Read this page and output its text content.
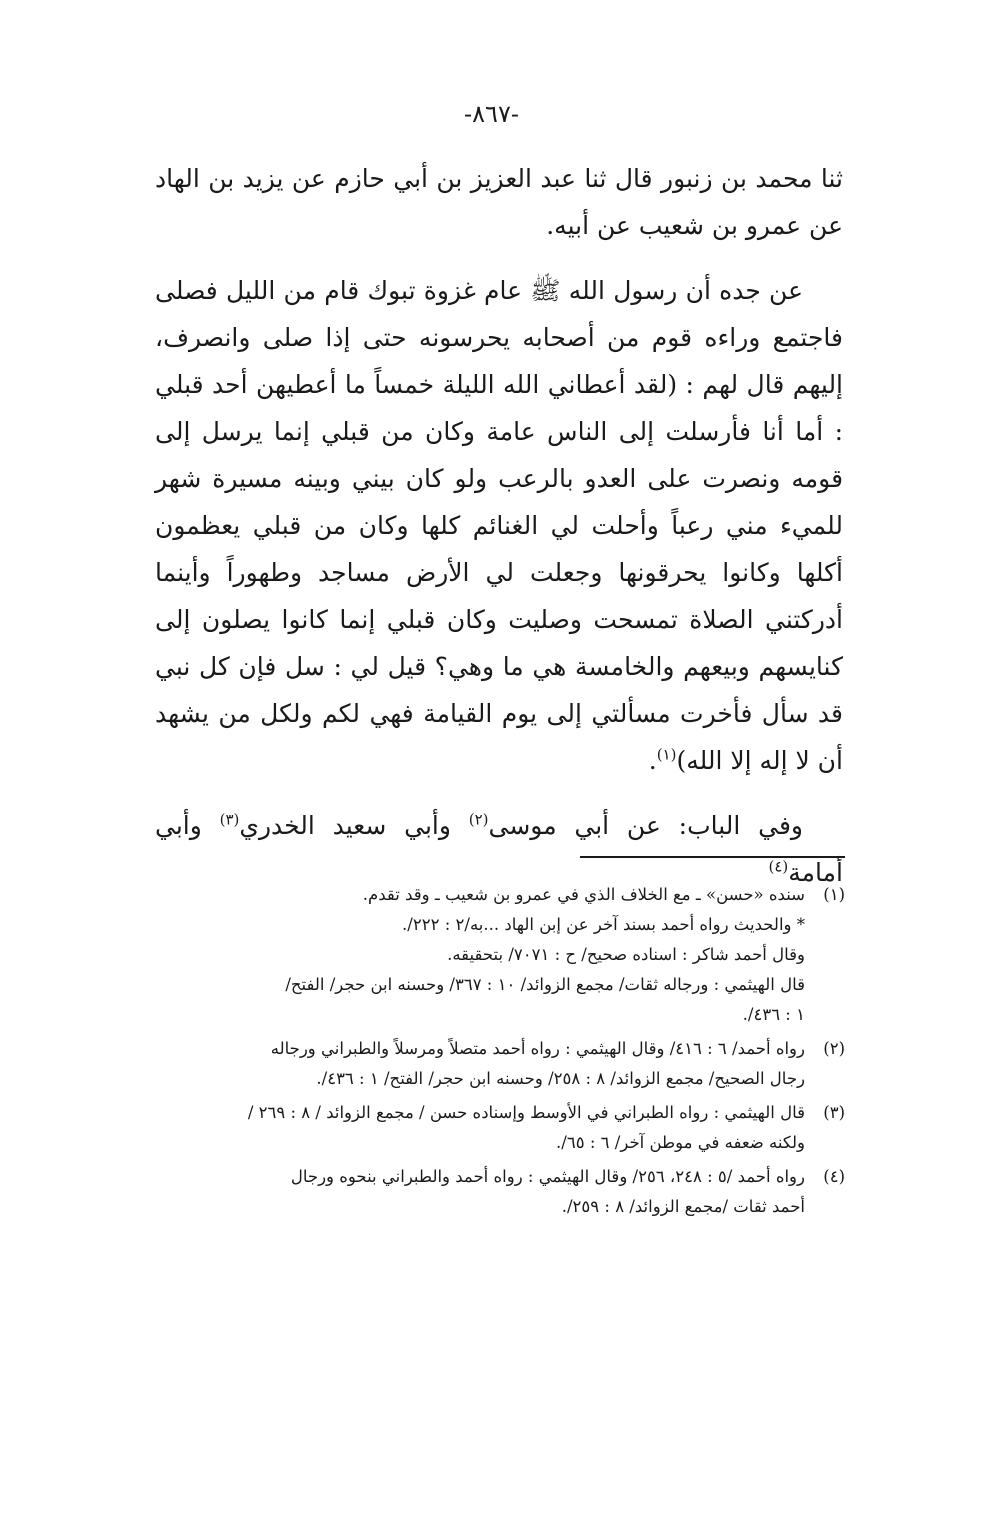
-٨٦٧-

ثنا محمد بن زنبور قال ثنا عبد العزيز بن أبي حازم عن يزيد بن الهاد عن عمرو بن شعيب عن أبيه.

عن جده أن رسول الله ﷺ عام غزوة تبوك قام من الليل فصلى فاجتمع وراءه قوم من أصحابه يحرسونه حتى إذا صلى وانصرف، إليهم قال لهم : (لقد أعطاني الله الليلة خمساً ما أعطيهن أحد قبلي : أما أنا فأرسلت إلى الناس عامة وكان من قبلي إنما يرسل إلى قومه ونصرت على العدو بالرعب ولو كان بيني وبينه مسيرة شهر للميء مني رعباً وأحلت لي الغنائم كلها وكان من قبلي يعظمون أكلها وكانوا يحرقونها وجعلت لي الأرض مساجد وطهوراً وأينما أدركتني الصلاة تمسحت وصليت وكان قبلي إنما كانوا يصلون إلى كنايسهم وبيعهم والخامسة هي ما وهي؟ قيل لي : سل فإن كل نبي قد سأل فأخرت مسألتي إلى يوم القيامة فهي لكم ولكل من يشهد أن لا إله إلا الله)$^{(١)}$.

وفي الباب: عن أبي موسى$^{(٢)}$ وأبي سعيد الخدري$^{(٣)}$ وأبي أمامة$^{(٤)}$

(١)
سنده «حسن» ـ مع الخلاف الذي في عمرو بن شعيب ـ وقد تقدم.
* والحديث رواه أحمد بسند آخر عن إبن الهاد ...به/٢ : ٢٢٢/.
وقال أحمد شاكر : اسناده صحيح/ ح : ٧٠٧١/ بتحقيقه.
قال الهيثمي : ورجاله ثقات/ مجمع الزوائد/ ١٠ : ٣٦٧/ وحسنه ابن حجر/ الفتح/
١ : ٤٣٦/.
(٢)
رواه أحمد/ ٦ : ٤١٦/ وقال الهيثمي : رواه أحمد متصلاً ومرسلاً والطبراني ورجاله
رجال الصحيح/ مجمع الزوائد/ ٨ : ٢٥٨/ وحسنه ابن حجر/ الفتح/ ١ : ٤٣٦/.
(٣)
قال الهيثمي : رواه الطبراني في الأوسط وإسناده حسن / مجمع الزوائد / ٨ : ٢٦٩ /
ولكنه ضعفه في موطن آخر/ ٦ : ٦٥/.
(٤)
رواه أحمد /٥ : ٢٤٨، ٢٥٦/ وقال الهيثمي : رواه أحمد والطبراني بنحوه ورجال
أحمد ثقات /مجمع الزوائد/ ٨ : ٢٥٩/.
